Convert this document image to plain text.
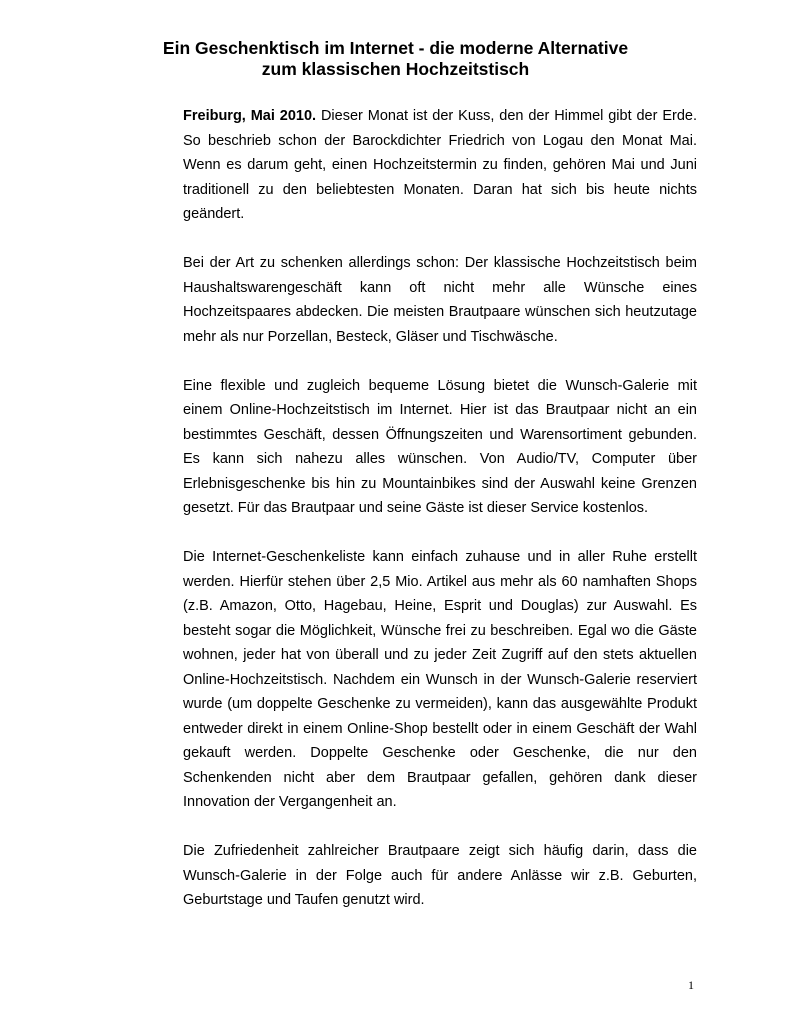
Ein Geschenktisch im Internet - die moderne Alternative
zum klassischen Hochzeitstisch

Freiburg, Mai 2010. Dieser Monat ist der Kuss, den der Himmel gibt der Erde. So beschrieb schon der Barockdichter Friedrich von Logau den Monat Mai. Wenn es darum geht, einen Hochzeitstermin zu finden, gehören Mai und Juni traditionell zu den beliebtesten Monaten. Daran hat sich bis heute nichts geändert.

Bei der Art zu schenken allerdings schon: Der klassische Hochzeitstisch beim Haushaltswarengeschäft kann oft nicht mehr alle Wünsche eines Hochzeitspaares abdecken. Die meisten Brautpaare wünschen sich heutzutage mehr als nur Porzellan, Besteck, Gläser und Tischwäsche.

Eine flexible und zugleich bequeme Lösung bietet die Wunsch-Galerie mit einem Online-Hochzeitstisch im Internet. Hier ist das Brautpaar nicht an ein bestimmtes Geschäft, dessen Öffnungszeiten und Warensortiment gebunden. Es kann sich nahezu alles wünschen. Von Audio/TV, Computer über Erlebnisgeschenke bis hin zu Mountainbikes sind der Auswahl keine Grenzen gesetzt. Für das Brautpaar und seine Gäste ist dieser Service kostenlos.

Die Internet-Geschenkeliste kann einfach zuhause und in aller Ruhe erstellt werden. Hierfür stehen über 2,5 Mio. Artikel aus mehr als 60 namhaften Shops (z.B. Amazon, Otto, Hagebau, Heine, Esprit und Douglas) zur Auswahl. Es besteht sogar die Möglichkeit, Wünsche frei zu beschreiben. Egal wo die Gäste wohnen, jeder hat von überall und zu jeder Zeit Zugriff auf den stets aktuellen Online-Hochzeitstisch. Nachdem ein Wunsch in der Wunsch-Galerie reserviert wurde (um doppelte Geschenke zu vermeiden), kann das ausgewählte Produkt entweder direkt in einem Online-Shop bestellt oder in einem Geschäft der Wahl gekauft werden. Doppelte Geschenke oder Geschenke, die nur den Schenkenden nicht aber dem Brautpaar gefallen, gehören dank dieser Innovation der Vergangenheit an.

Die Zufriedenheit zahlreicher Brautpaare zeigt sich häufig darin, dass die Wunsch-Galerie in der Folge auch für andere Anlässe wir z.B. Geburten, Geburtstage und Taufen genutzt wird.

1
